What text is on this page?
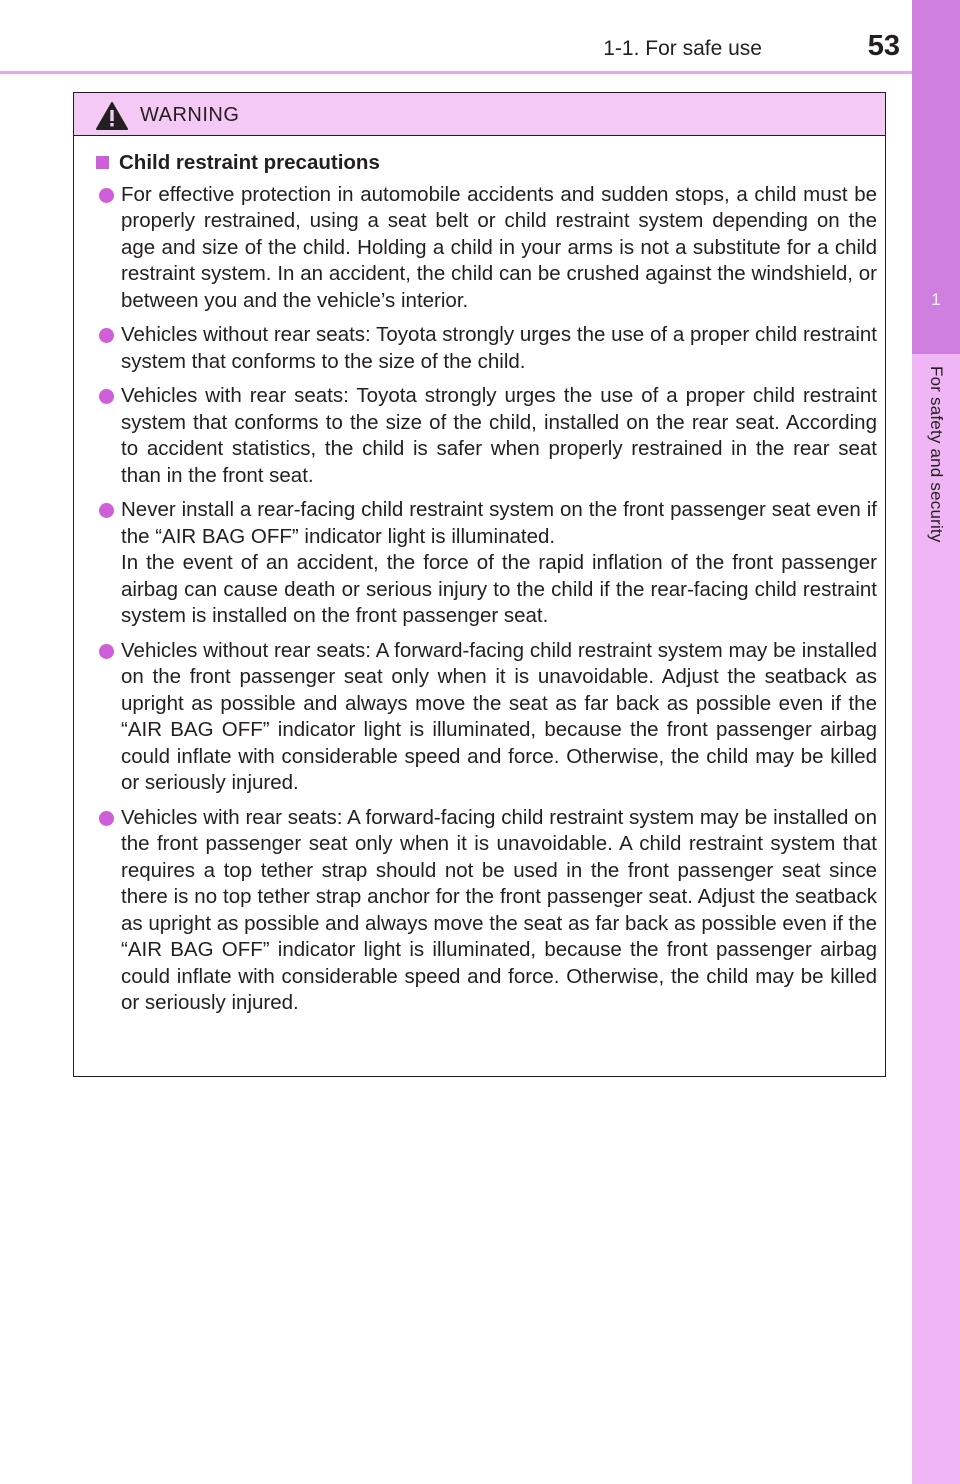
1-1. For safe use	53
1
For safety and security
WARNING
Child restraint precautions
For effective protection in automobile accidents and sudden stops, a child must be properly restrained, using a seat belt or child restraint system depending on the age and size of the child. Holding a child in your arms is not a substitute for a child restraint system. In an accident, the child can be crushed against the windshield, or between you and the vehicle’s interior.
Vehicles without rear seats: Toyota strongly urges the use of a proper child restraint system that conforms to the size of the child.
Vehicles with rear seats: Toyota strongly urges the use of a proper child restraint system that conforms to the size of the child, installed on the rear seat. According to accident statistics, the child is safer when properly restrained in the rear seat than in the front seat.
Never install a rear-facing child restraint system on the front passenger seat even if the “AIR BAG OFF” indicator light is illuminated.
In the event of an accident, the force of the rapid inflation of the front passenger airbag can cause death or serious injury to the child if the rear-facing child restraint system is installed on the front passenger seat.
Vehicles without rear seats: A forward-facing child restraint system may be installed on the front passenger seat only when it is unavoidable. Adjust the seatback as upright as possible and always move the seat as far back as possible even if the “AIR BAG OFF” indicator light is illuminated, because the front passenger airbag could inflate with considerable speed and force. Otherwise, the child may be killed or seriously injured.
Vehicles with rear seats: A forward-facing child restraint system may be installed on the front passenger seat only when it is unavoidable. A child restraint system that requires a top tether strap should not be used in the front passenger seat since there is no top tether strap anchor for the front passenger seat. Adjust the seatback as upright as possible and always move the seat as far back as possible even if the “AIR BAG OFF” indicator light is illuminated, because the front passenger airbag could inflate with considerable speed and force. Otherwise, the child may be killed or seriously injured.
